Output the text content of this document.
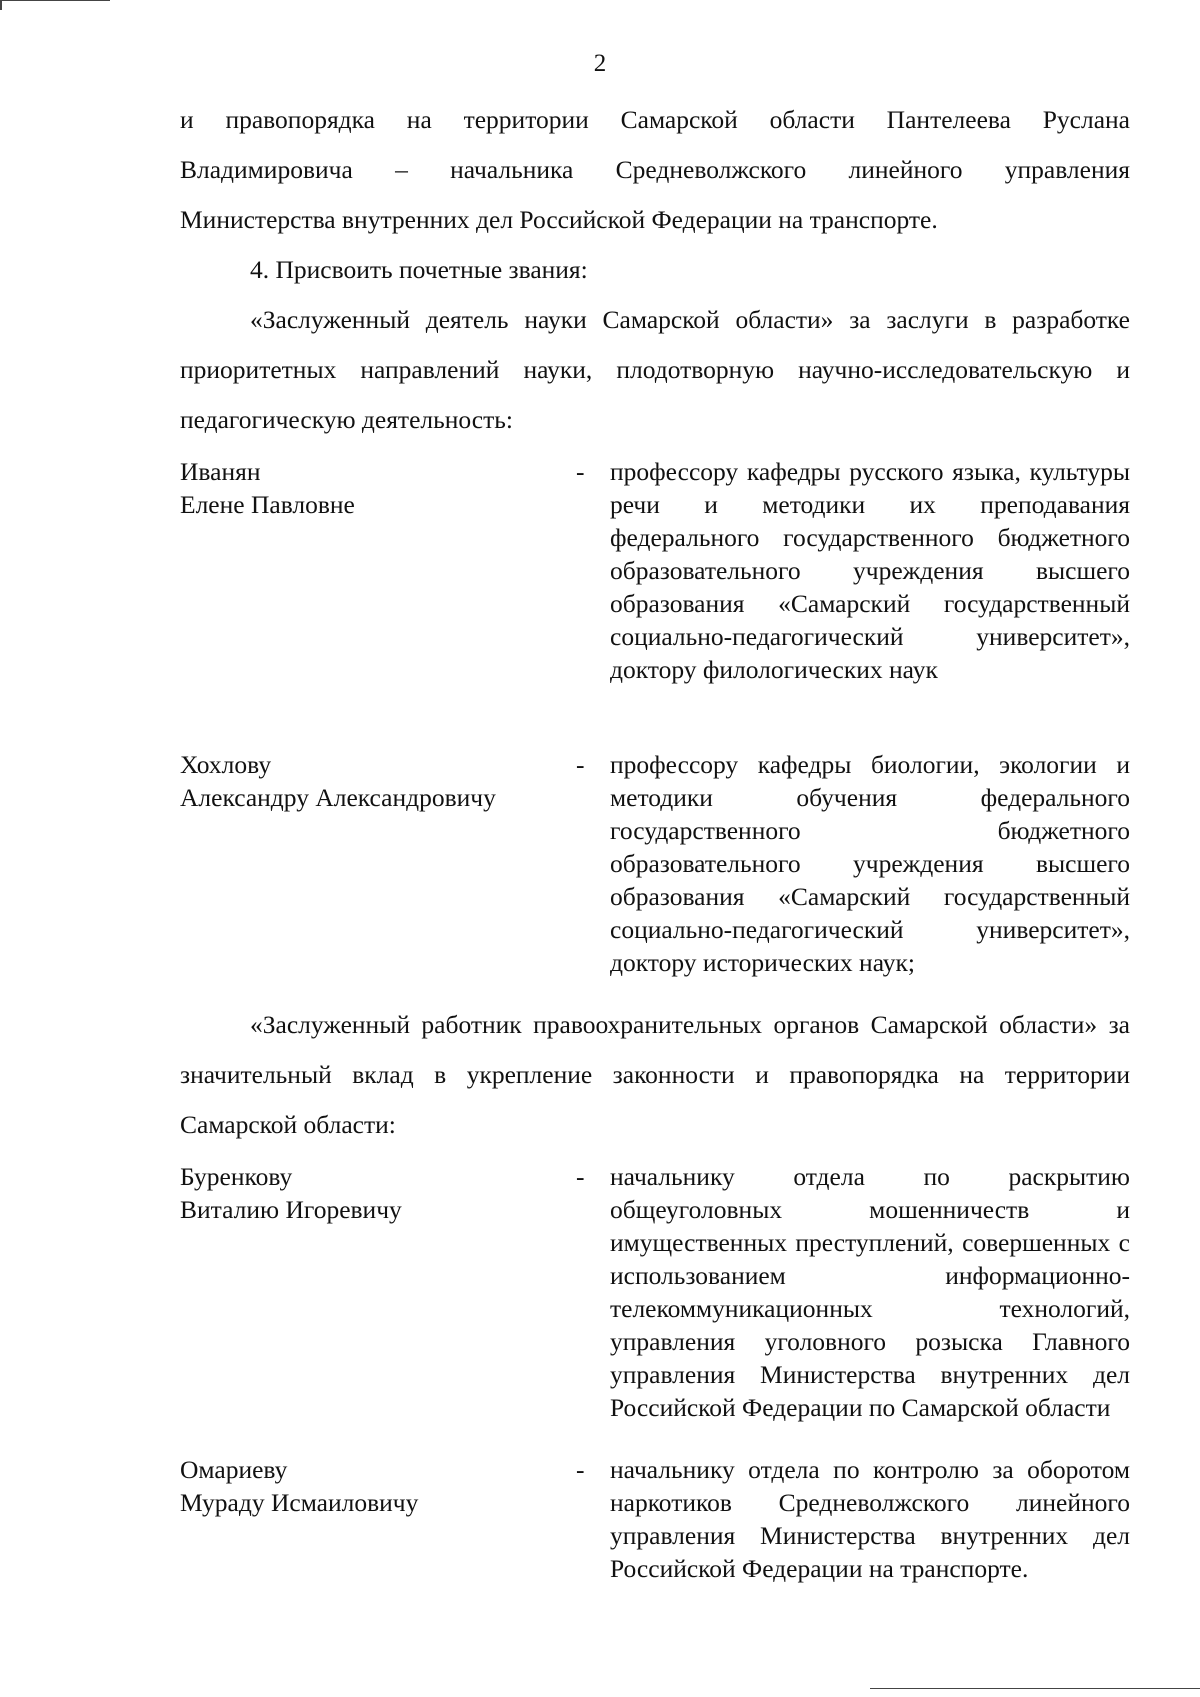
2

и правопорядка на территории Самарской области Пантелеева Руслана

Владимировича – начальника Средневолжского линейного управления

Министерства внутренних дел Российской Федерации на транспорте.

4. Присвоить почетные звания:

«Заслуженный деятель науки Самарской области» за заслуги в разработке приоритетных направлений науки, плодотворную научно-исследовательскую и педагогическую деятельность:

Иванян
Елене Павловне
- профессору кафедры русского языка, культуры речи и методики их преподавания федерального государственного бюджетного образовательного учреждения высшего образования «Самарский государственный социально-педагогический университет», доктору филологических наук
Хохлову
Александру Александровичу
- профессору кафедры биологии, экологии и методики обучения федерального государственного бюджетного образовательного учреждения высшего образования «Самарский государственный социально-педагогический университет», доктору исторических наук;

«Заслуженный работник правоохранительных органов Самарской области» за значительный вклад в укрепление законности и правопорядка на территории Самарской области:

Буренкову
Виталию Игоревичу
- начальнику отдела по раскрытию общеуголовных мошенничеств и имущественных преступлений, совершенных с использованием информационно-телекоммуникационных технологий, управления уголовного розыска Главного управления Министерства внутренних дел Российской Федерации по Самарской области
Омариеву
Мураду Исмаиловичу
- начальнику отдела по контролю за оборотом наркотиков Средневолжского линейного управления Министерства внутренних дел Российской Федерации на транспорте.
